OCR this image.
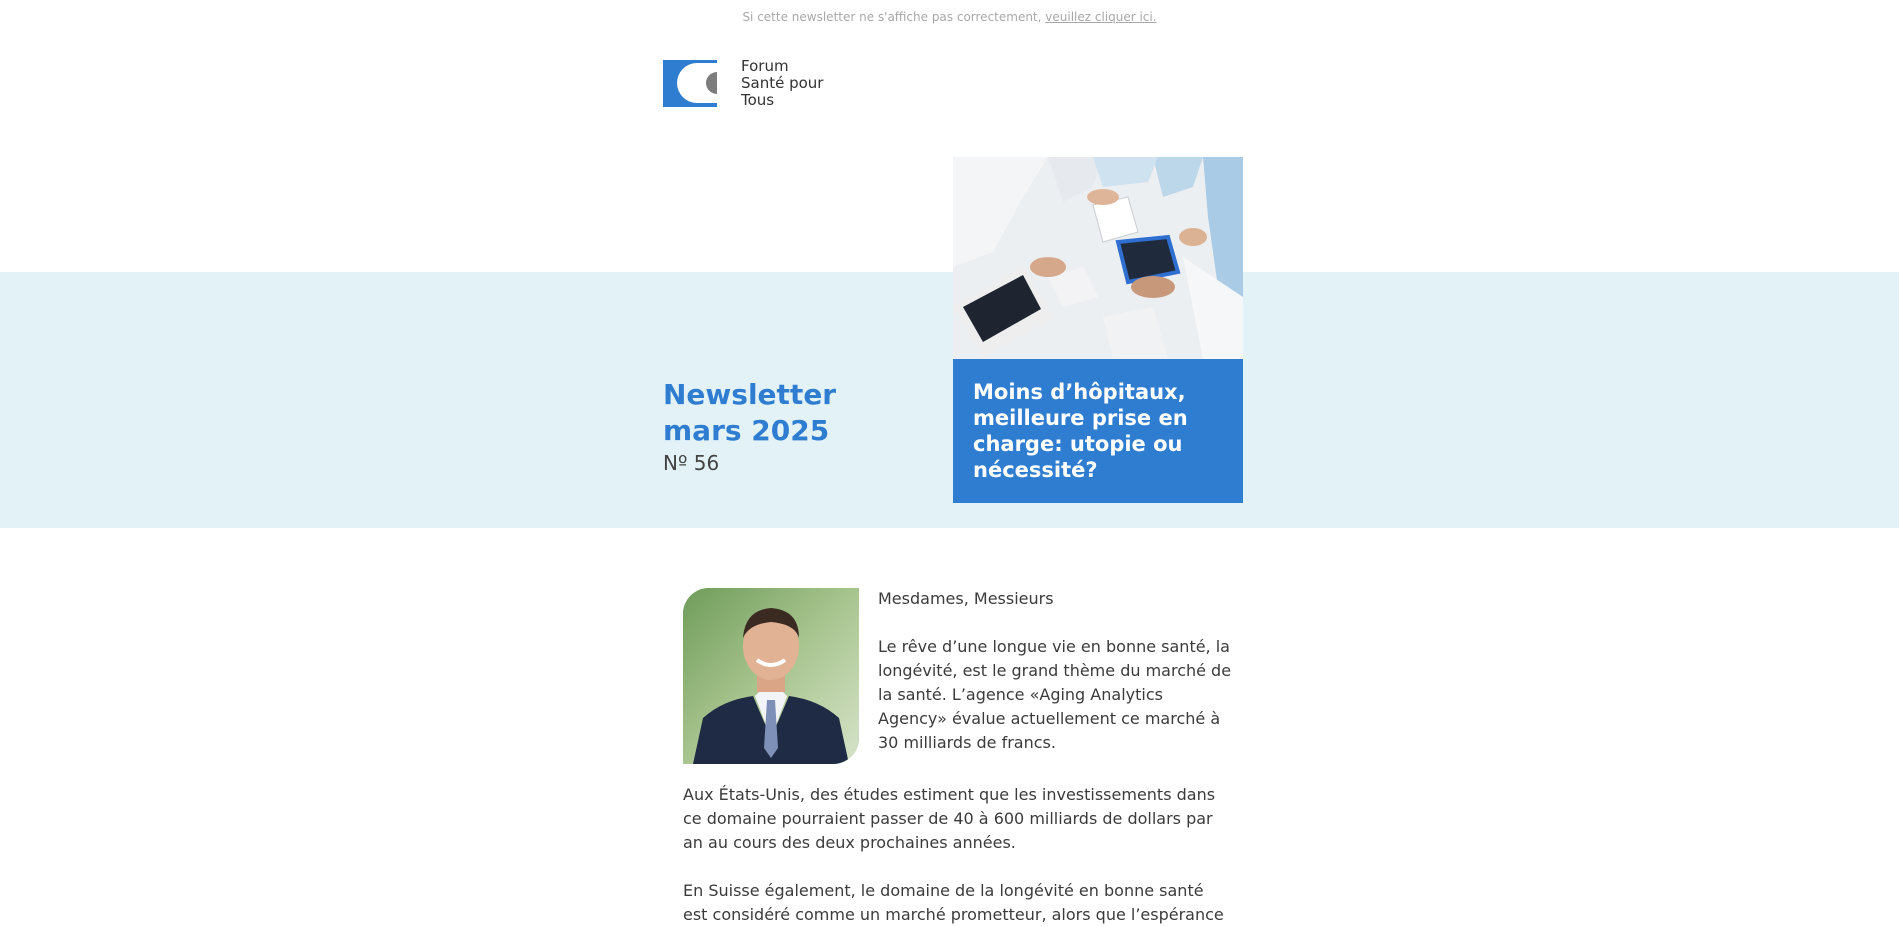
Si cette newsletter ne s'affiche pas correctement, veuillez cliquer ici.
Forum
Santé pour
Tous
Newsletter
mars 2025
Nº 56
Moins d’hôpitaux, meilleure prise en charge: utopie ou nécessité?
Mesdames, Messieurs

Le rêve d’une longue vie en bonne santé, la longévité, est le grand thème du marché de la santé. L’agence «Aging Analytics Agency» évalue actuellement ce marché à 30 milliards de francs.

Aux États-Unis, des études estiment que les investissements dans ce domaine pourraient passer de 40 à 600 milliards de dollars par an au cours des deux prochaines années.

En Suisse également, le domaine de la longévité en bonne santé est considéré comme un marché prometteur, alors que l’espérance
